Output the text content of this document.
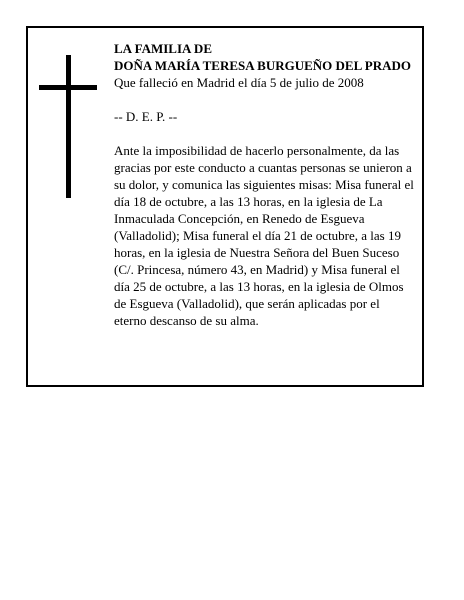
LA FAMILIA DE

DOÑA MARÍA TERESA BURGUEÑO DEL PRADO

Que falleció en Madrid el día 5 de julio de 2008

-- D. E. P. --

Ante la imposibilidad de hacerlo personalmente, da las gracias por este conducto a cuantas personas se unieron a su dolor, y comunica las siguientes misas: Misa funeral el día 18 de octubre, a las 13 horas, en la iglesia de La Inmaculada Concepción, en Renedo de Esgueva (Valladolid); Misa funeral el día 21 de octubre, a las 19 horas, en la iglesia de Nuestra Señora del Buen Suceso (C/. Princesa, número 43, en Madrid) y Misa funeral el día 25 de octubre, a las 13 horas, en la iglesia de Olmos de Esgueva (Valladolid), que serán aplicadas por el eterno descanso de su alma.
